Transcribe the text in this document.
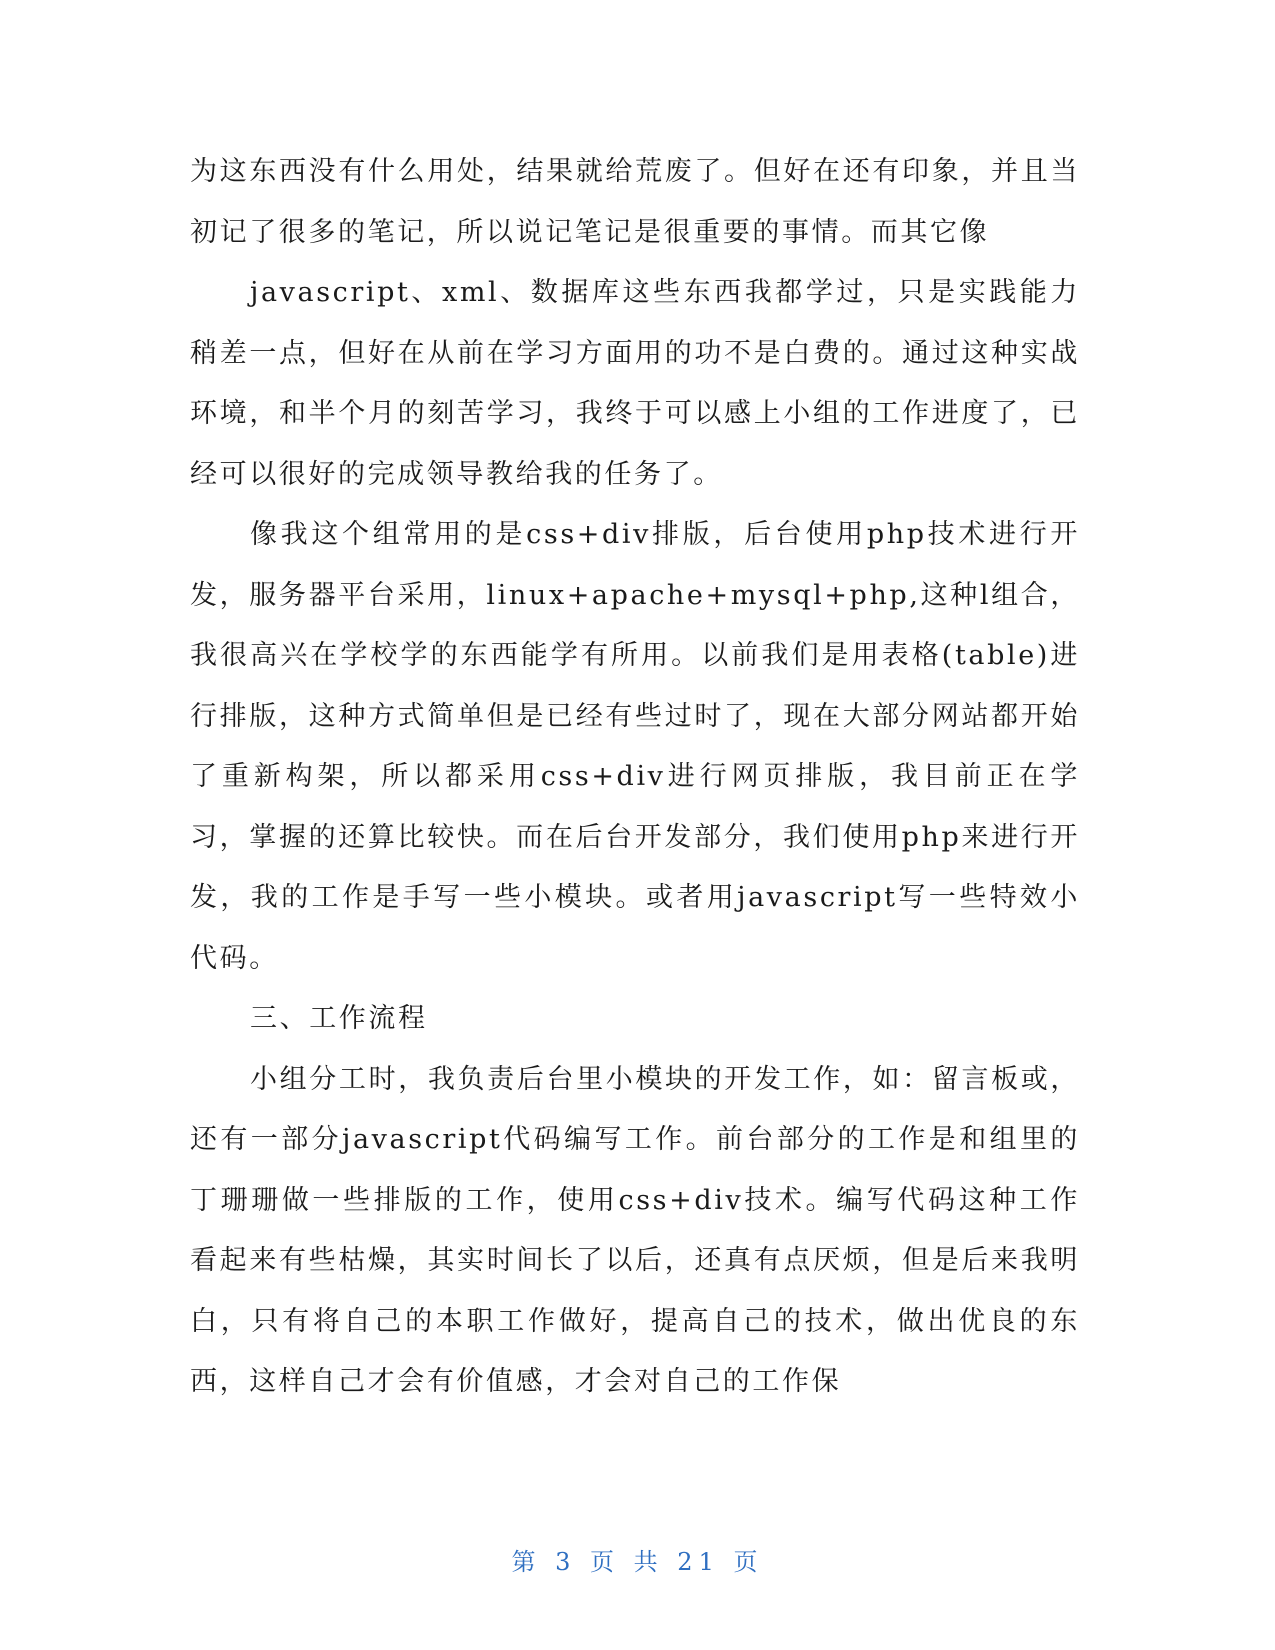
为这东西没有什么用处，结果就给荒废了。但好在还有印象，并且当初记了很多的笔记，所以说记笔记是很重要的事情。而其它像

javascript、xml、数据库这些东西我都学过，只是实践能力稍差一点，但好在从前在学习方面用的功不是白费的。通过这种实战环境，和半个月的刻苦学习，我终于可以感上小组的工作进度了，已经可以很好的完成领导教给我的任务了。

像我这个组常用的是css+div排版，后台使用php技术进行开发，服务器平台采用，linux+apache+mysql+php,这种l组合，我很高兴在学校学的东西能学有所用。以前我们是用表格(table)进行排版，这种方式简单但是已经有些过时了，现在大部分网站都开始了重新构架，所以都采用css+div进行网页排版，我目前正在学习，掌握的还算比较快。而在后台开发部分，我们使用php来进行开发，我的工作是手写一些小模块。或者用javascript写一些特效小代码。

三、工作流程

小组分工时，我负责后台里小模块的开发工作，如：留言板或，还有一部分javascript代码编写工作。前台部分的工作是和组里的丁珊珊做一些排版的工作，使用css+div技术。编写代码这种工作看起来有些枯燥，其实时间长了以后，还真有点厌烦，但是后来我明白，只有将自己的本职工作做好，提高自己的技术，做出优良的东西，这样自己才会有价值感，才会对自己的工作保

第 3 页 共 21 页
